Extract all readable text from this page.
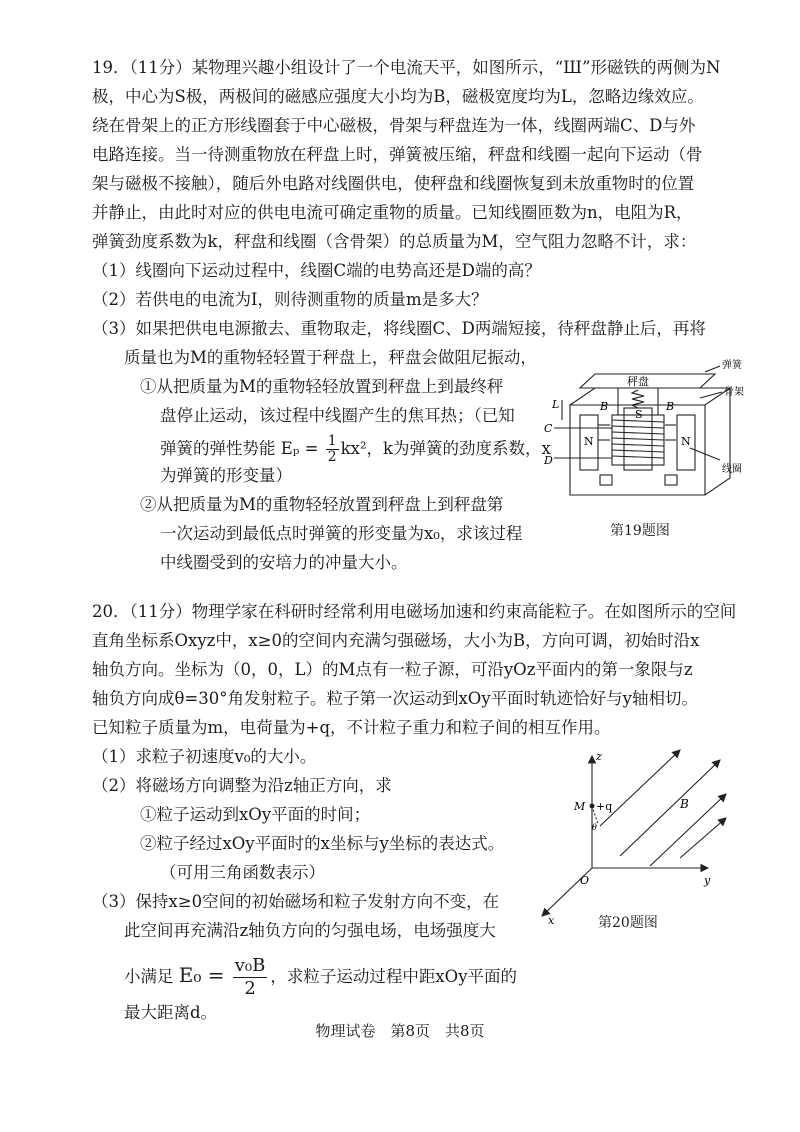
19．（11分）某物理兴趣小组设计了一个电流天平，如图所示，“Ш”形磁铁的两侧为N
极，中心为S极，两极间的磁感应强度大小均为B，磁极宽度均为L，忽略边缘效应。
绕在骨架上的正方形线圈套于中心磁极，骨架与秤盘连为一体，线圈两端C、D与外
电路连接。当一待测重物放在秤盘上时，弹簧被压缩，秤盘和线圈一起向下运动（骨
架与磁极不接触），随后外电路对线圈供电，使秤盘和线圈恢复到未放重物时的位置
并静止，由此时对应的供电电流可确定重物的质量。已知线圈匝数为n，电阻为R，
弹簧劲度系数为k，秤盘和线圈（含骨架）的总质量为M，空气阻力忽略不计，求：
（1）线圈向下运动过程中，线圈C端的电势高还是D端的高？
（2）若供电的电流为I，则待测重物的质量m是多大？
（3）如果把供电电源撤去、重物取走，将线圈C、D两端短接，待秤盘静止后，再将
质量也为M的重物轻轻置于秤盘上，秤盘会做阻尼振动，
①从把质量为M的重物轻轻放置到秤盘上到最终秤
盘停止运动，该过程中线圈产生的焦耳热；（已知
弹簧的弹性势能 $E_p = \frac{1}{2} kx^2$，k为弹簧的劲度系数，x
为弹簧的形变量）
②从把质量为M的重物轻轻放置到秤盘上到秤盘第
一次运动到最低点时弹簧的形变量为x₀，求该过程
中线圈受到的安培力的冲量大小。
秤盘
弹簧
骨架
线圈
L	B	B
S
N	N
C
D
第19题图
20．（11分）物理学家在科研时经常利用电磁场加速和约束高能粒子。在如图所示的空间
直角坐标系Oxyz中，x≥0的空间内充满匀强磁场，大小为B，方向可调，初始时沿x
轴负方向。坐标为（0，0，L）的M点有一粒子源，可沿yOz平面内的第一象限与z
轴负方向成θ=30°角发射粒子。粒子第一次运动到xOy平面时轨迹恰好与y轴相切。
已知粒子质量为m，电荷量为+q，不计粒子重力和粒子间的相互作用。
（1）求粒子初速度v₀的大小。
（2）将磁场方向调整为沿z轴正方向，求
①粒子运动到xOy平面的时间；
②粒子经过xOy平面时的x坐标与y坐标的表达式。
（可用三角函数表示）
（3）保持x≥0空间的初始磁场和粒子发射方向不变，在
此空间再充满沿z轴负方向的匀强电场，电场强度大
小满足 $E_0 = \frac{\text{v₀B}}{2}$ ，求粒子运动过程中距xOy平面的
最大距离d。
z
y
x
O
M +q	B
θ
第20题图
物理试卷　第8页　共8页
